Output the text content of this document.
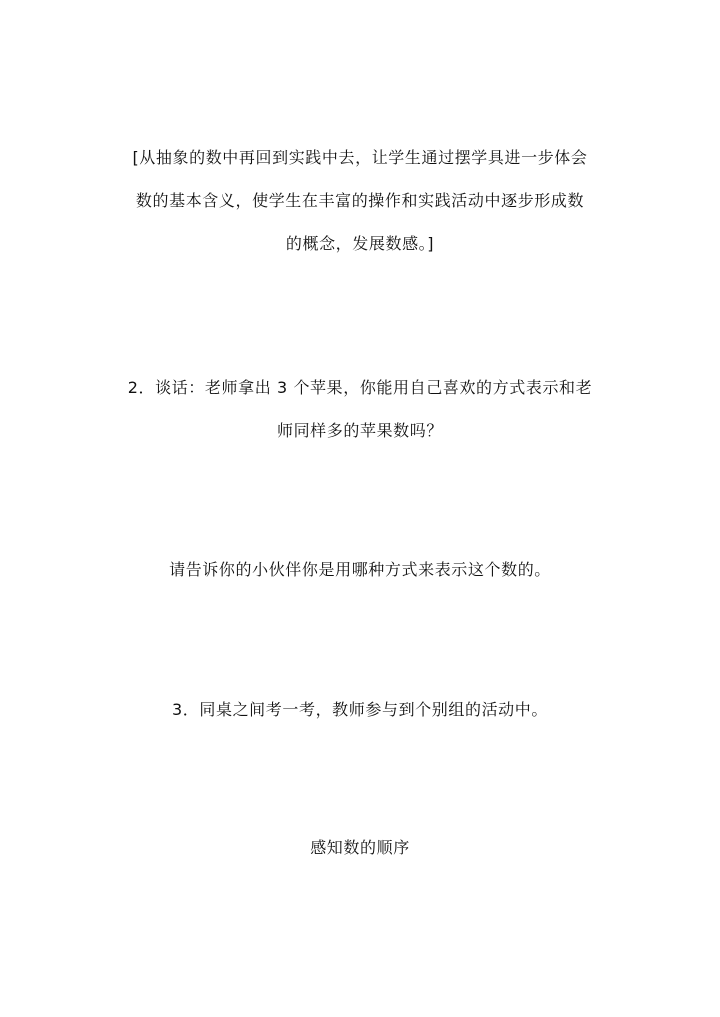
[从抽象的数中再回到实践中去，让学生通过摆学具进一步体会
数的基本含义，使学生在丰富的操作和实践活动中逐步形成数
的概念，发展数感。]
2．谈话：老师拿出 3 个苹果，你能用自己喜欢的方式表示和老
师同样多的苹果数吗？
请告诉你的小伙伴你是用哪种方式来表示这个数的。
3．同桌之间考一考，教师参与到个别组的活动中。
感知数的顺序
